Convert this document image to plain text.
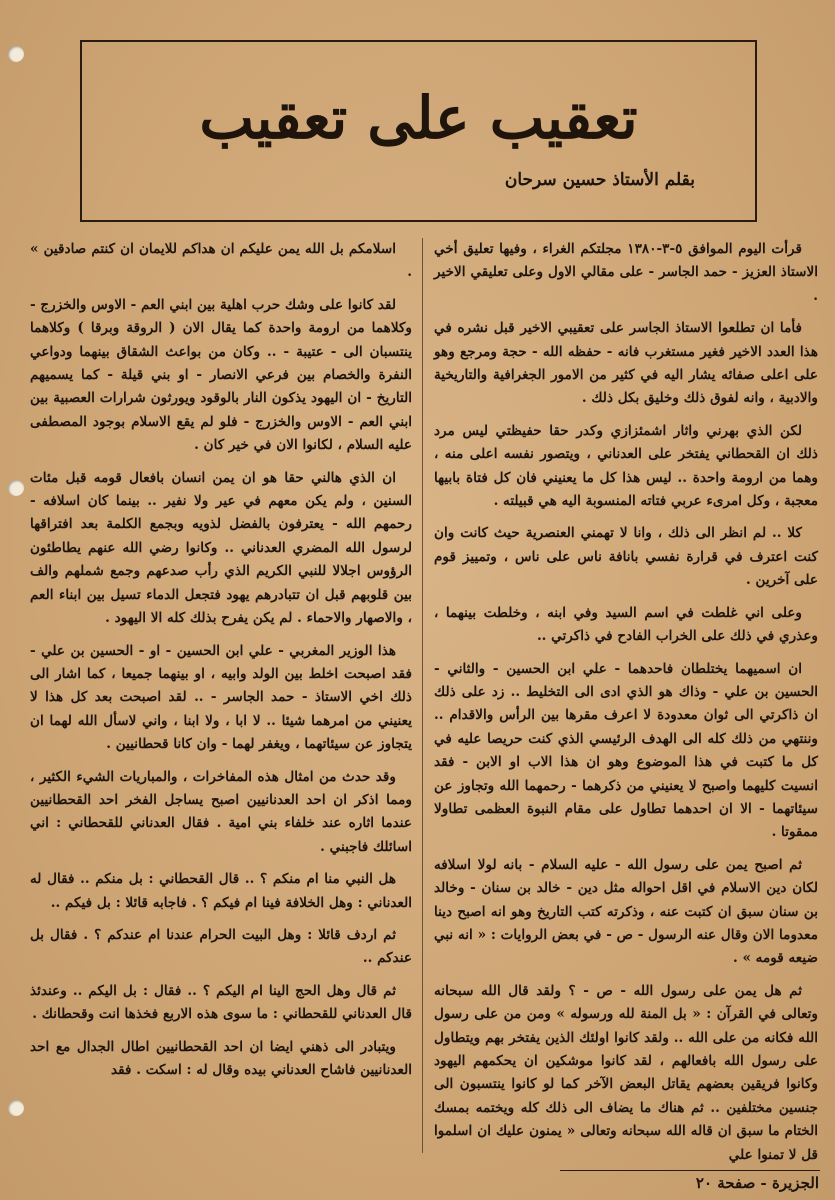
تعقيب على تعقيب
بقلم الأستاذ حسين سرحان

قرأت اليوم الموافق ٥-٣-١٣٨٠ مجلتكم الغراء ، وفيها تعليق أخي الاستاذ العزيز - حمد الجاسر - على مقالي الاول وعلى تعليقي الاخير .

فأما ان تطلعوا الاستاذ الجاسر على تعقيبي الاخير قبل نشره في هذا العدد الاخير فغير مستغرب فانه - حفظه الله - حجة ومرجع وهو على اعلى صفائه يشار اليه في كثير من الامور الجغرافية والتاريخية والادبية ، وانه لفوق ذلك وخليق بكل ذلك .

لكن الذي بهرني واثار اشمئزازي وكدر حقا حفيظتي ليس مرد ذلك ان القحطاني يفتخر على العدناني ، ويتصور نفسه اعلى منه ، وهما من ارومة واحدة .. ليس هذا كل ما يعنيني فان كل فتاة بابيها معجبة ، وكل امرىء عربي فتاته المنسوبة اليه هي قبيلته .

كلا .. لم انظر الى ذلك ، وانا لا تهمني العنصرية حيث كانت وان كنت اعترف في قرارة نفسي بانافة ناس على ناس ، وتمييز قوم على آخرين .

وعلى اني غلطت في اسم السيد وفي ابنه ، وخلطت بينهما ، وعذري في ذلك على الخراب الفادح في ذاكرتي ..

ان اسميهما يختلطان فاحدهما - علي ابن الحسين - والثاني - الحسين بن علي - وذاك هو الذي ادى الى التخليط .. زد على ذلك ان ذاكرتي الى ثوان معدودة لا اعرف مقرها بين الرأس والاقدام .. وننتهي من ذلك كله الى الهدف الرئيسي الذي كنت حريصا عليه في كل ما كتبت في هذا الموضوع وهو ان هذا الاب او الابن - فقد انسيت كليهما واصبح لا يعنيني من ذكرهما - رحمهما الله وتجاوز عن سيئاتهما - الا ان احدهما تطاول على مقام النبوة العظمى تطاولا ممقوتا .

ثم اصبح يمن على رسول الله - عليه السلام - بانه لولا اسلافه لكان دين الاسلام في اقل احواله مثل دين - خالد بن سنان - وخالد بن سنان سبق ان كتبت عنه ، وذكرته كتب التاريخ وهو انه اصبح دينا معدوما الان وقال عنه الرسول - ص - في بعض الروايات : « انه نبي ضيعه قومه » .

ثم هل يمن على رسول الله - ص - ؟ ولقد قال الله سبحانه وتعالى في القرآن : « بل المنة لله ورسوله » ومن من على رسول الله فكانه من على الله .. ولقد كانوا اولئك الذين يفتخر بهم ويتطاول على رسول الله بافعالهم ، لقد كانوا موشكين ان يحكمهم اليهود وكانوا فريقين بعضهم يقاتل البعض الآخر كما لو كانوا ينتسبون الى جنسين مختلفين .. ثم هناك ما يضاف الى ذلك كله ويختمه بمسك الختام ما سبق ان قاله الله سبحانه وتعالى « يمنون عليك ان اسلموا قل لا تمنوا علي

اسلامكم بل الله يمن عليكم ان هداكم للايمان ان كنتم صادقين » .

لقد كانوا على وشك حرب اهلية بين ابني العم - الاوس والخزرج - وكلاهما من ارومة واحدة كما يقال الان ( الروقة وبرقا ) وكلاهما ينتسبان الى - عتيبة - .. وكان من بواعث الشقاق بينهما ودواعي النفرة والخصام بين فرعي الانصار - او بني قيلة - كما يسميهم التاريخ - ان اليهود يذكون النار بالوقود ويورثون شرارات العصبية بين ابني العم - الاوس والخزرج - فلو لم يقع الاسلام بوجود المصطفى عليه السلام ، لكانوا الان في خير كان .

ان الذي هالني حقا هو ان يمن انسان بافعال قومه قبل مئات السنين ، ولم يكن معهم في عير ولا نفير .. بينما كان اسلافه - رحمهم الله - يعترفون بالفضل لذويه وبجمع الكلمة بعد افتراقها لرسول الله المضري العدناني .. وكانوا رضي الله عنهم يطاطئون الرؤوس اجلالا للنبي الكريم الذي رأب صدعهم وجمع شملهم والف بين قلوبهم قبل ان تتبادرهم يهود فتجعل الدماء تسيل بين ابناء العم ، والاصهار والاحماء . لم يكن يفرح بذلك كله الا اليهود .

هذا الوزير المغربي - علي ابن الحسين - او - الحسين بن علي - فقد اصبحت اخلط بين الولد وابيه ، او بينهما جميعا ، كما اشار الى ذلك اخي الاستاذ - حمد الجاسر - .. لقد اصبحت بعد كل هذا لا يعنيني من امرهما شيئا .. لا ابا ، ولا ابنا ، واني لاسأل الله لهما ان يتجاوز عن سيئاتهما ، ويغفر لهما - وان كانا قحطانيين .

وقد حدث من امثال هذه المفاخرات ، والمباريات الشيء الكثير ، ومما اذكر ان احد العدنانيين اصبح يساجل الفخر احد القحطانيين عندما اثاره عند خلفاء بني امية . فقال العدناني للقحطاني : اني اسائلك فاجبني .

هل النبي منا ام منكم ؟ .. قال القحطاني : بل منكم .. فقال له العدناني : وهل الخلافة فينا ام فيكم ؟ . فاجابه قائلا : بل فيكم ..

ثم اردف قائلا : وهل البيت الحرام عندنا ام عندكم ؟ . فقال بل عندكم ..

ثم قال وهل الحج الينا ام اليكم ؟ .. فقال : بل اليكم .. وعندئذ قال العدناني للقحطاني : ما سوى هذه الاربع فخذها انت وقحطانك .

ويتبادر الى ذهني ايضا ان احد القحطانيين اطال الجدال مع احد العدنانيين فاشاح العدناني بيده وقال له : اسكت . فقد

الجزيرة - صفحة ٢٠
